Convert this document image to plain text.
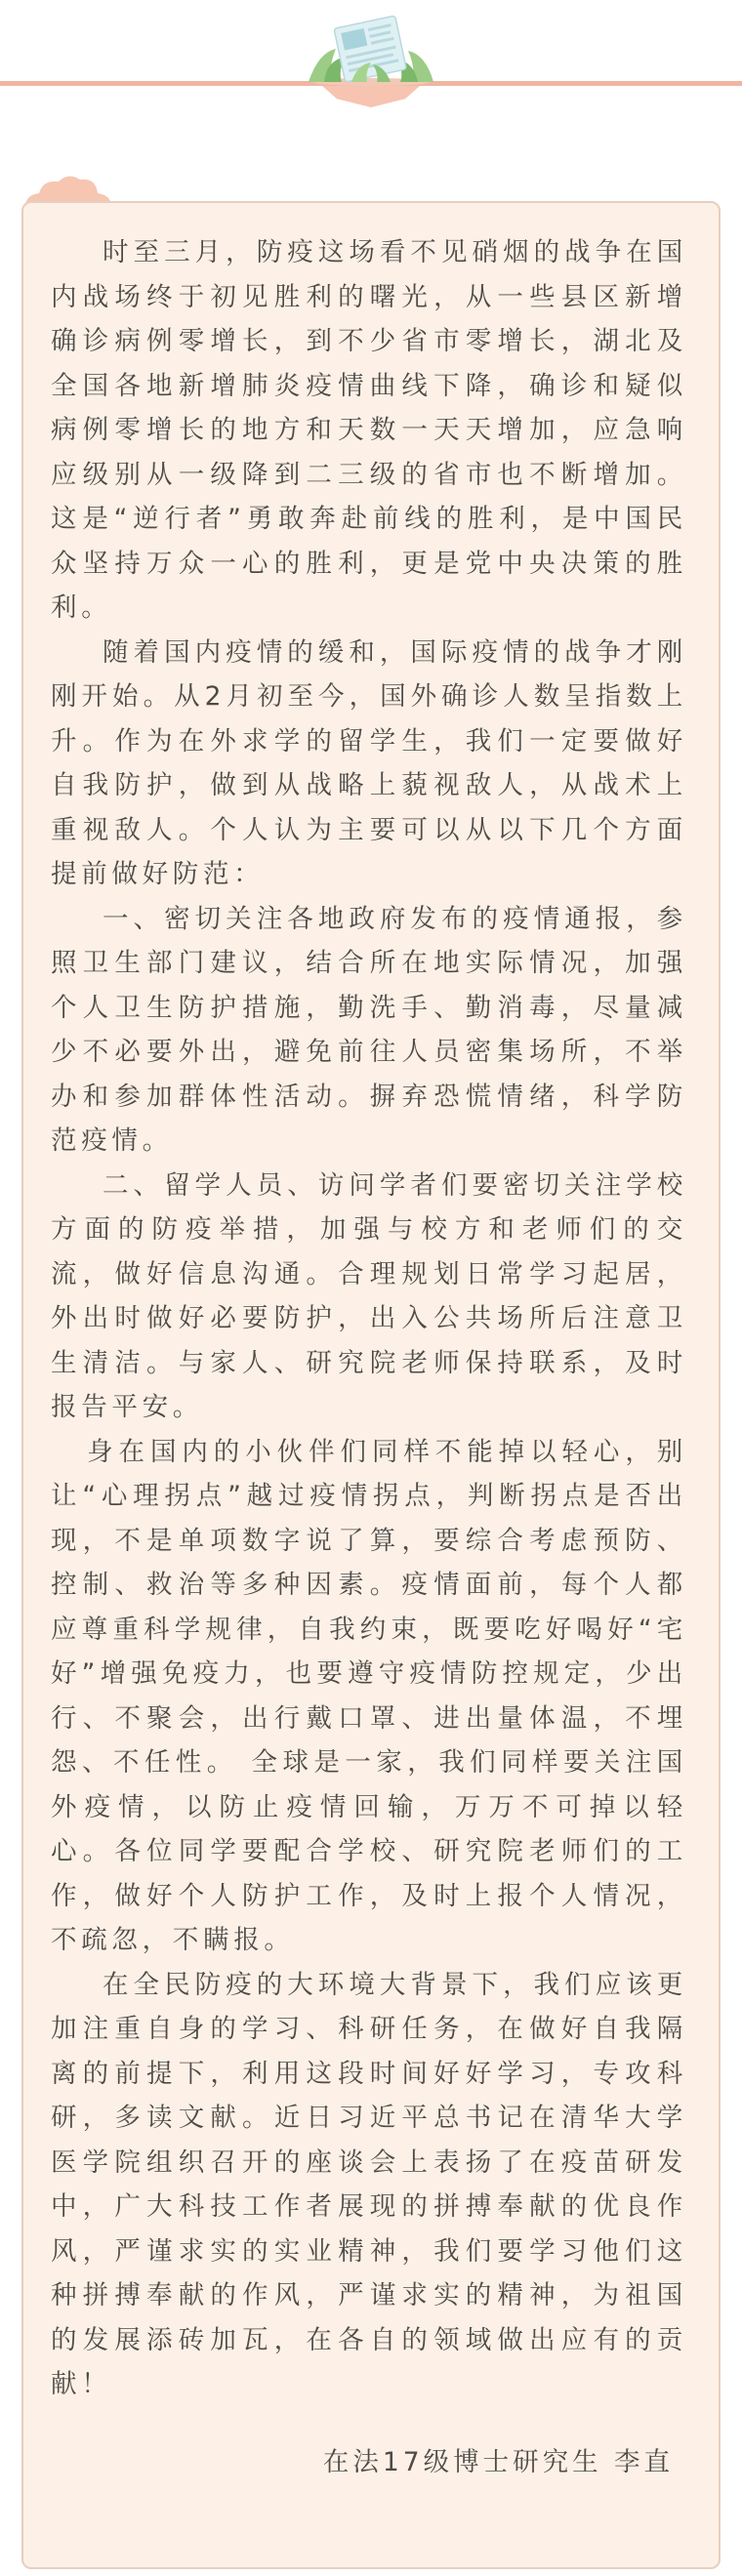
时至三月，防疫这场看不见硝烟的战争在国内战场终于初见胜利的曙光，从一些县区新增确诊病例零增长，到不少省市零增长，湖北及全国各地新增肺炎疫情曲线下降，确诊和疑似病例零增长的地方和天数一天天增加，应急响应级别从一级降到二三级的省市也不断增加。这是“逆行者”勇敢奔赴前线的胜利，是中国民众坚持万众一心的胜利，更是党中央决策的胜利。

随着国内疫情的缓和，国际疫情的战争才刚刚开始。从2月初至今，国外确诊人数呈指数上升。作为在外求学的留学生，我们一定要做好自我防护，做到从战略上藐视敌人，从战术上重视敌人。个人认为主要可以从以下几个方面提前做好防范：

一、密切关注各地政府发布的疫情通报，参照卫生部门建议，结合所在地实际情况，加强个人卫生防护措施，勤洗手、勤消毒，尽量减少不必要外出，避免前往人员密集场所，不举办和参加群体性活动。摒弃恐慌情绪，科学防范疫情。

二、留学人员、访问学者们要密切关注学校方面的防疫举措，加强与校方和老师们的交流，做好信息沟通。合理规划日常学习起居，外出时做好必要防护，出入公共场所后注意卫生清洁。与家人、研究院老师保持联系，及时报告平安。

身在国内的小伙伴们同样不能掉以轻心，别让“心理拐点”越过疫情拐点，判断拐点是否出现，不是单项数字说了算，要综合考虑预防、控制、救治等多种因素。疫情面前，每个人都应尊重科学规律，自我约束，既要吃好喝好“宅好”增强免疫力，也要遵守疫情防控规定，少出行、不聚会，出行戴口罩、进出量体温，不埋怨、不任性。 全球是一家，我们同样要关注国外疫情，以防止疫情回输，万万不可掉以轻心。各位同学要配合学校、研究院老师们的工作，做好个人防护工作，及时上报个人情况，不疏忽，不瞒报。

在全民防疫的大环境大背景下，我们应该更加注重自身的学习、科研任务，在做好自我隔离的前提下，利用这段时间好好学习，专攻科研，多读文献。近日习近平总书记在清华大学医学院组织召开的座谈会上表扬了在疫苗研发中，广大科技工作者展现的拼搏奉献的优良作风，严谨求实的实业精神，我们要学习他们这种拼搏奉献的作风，严谨求实的精神，为祖国的发展添砖加瓦，在各自的领域做出应有的贡献！

在法17级博士研究生 李直
